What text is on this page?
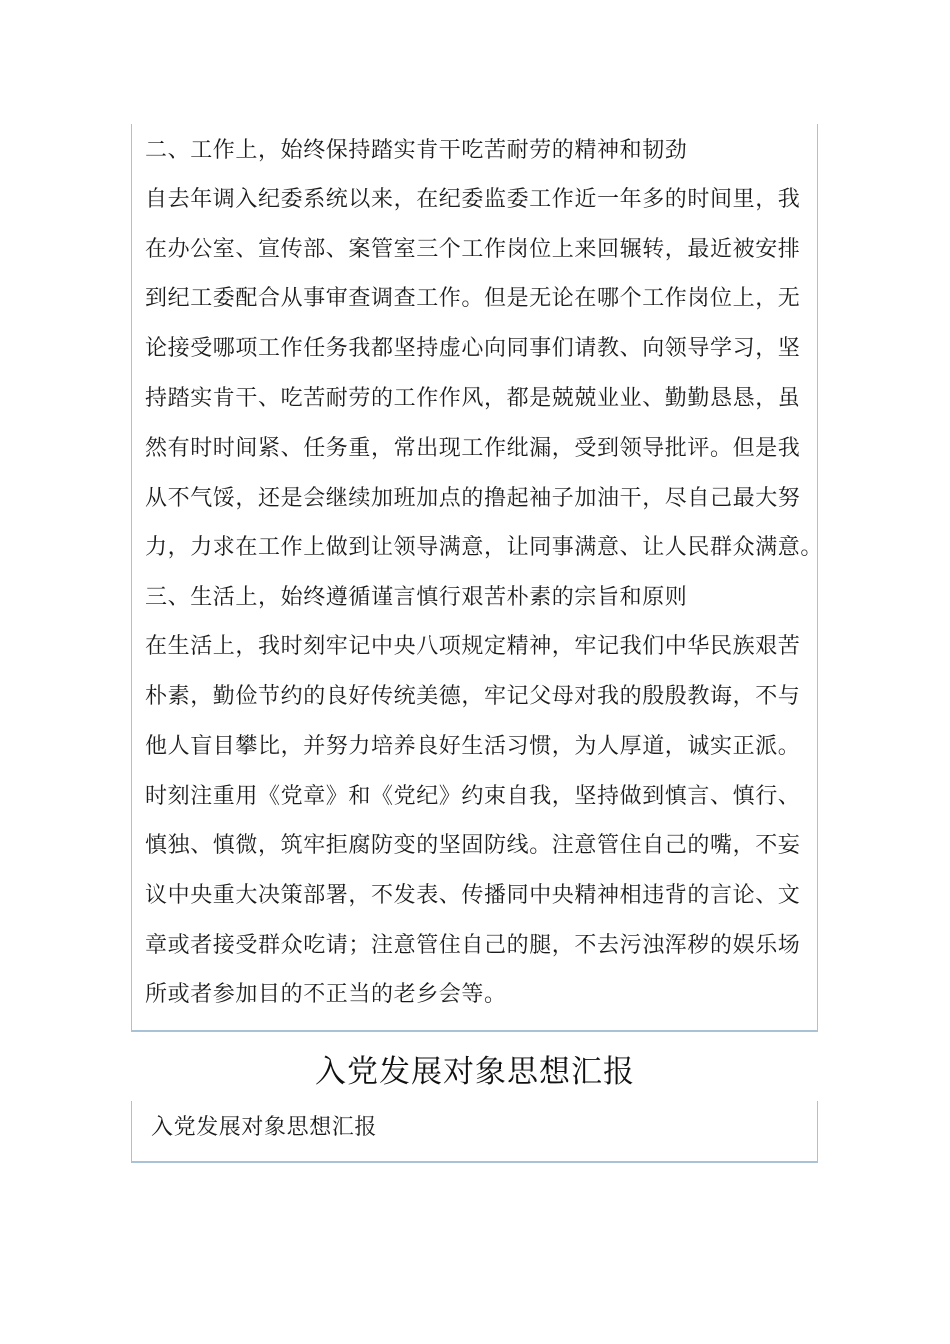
二、工作上，始终保持踏实肯干吃苦耐劳的精神和韧劲
自去年调入纪委系统以来，在纪委监委工作近一年多的时间里，我
在办公室、宣传部、案管室三个工作岗位上来回辗转，最近被安排
到纪工委配合从事审查调查工作。但是无论在哪个工作岗位上，无
论接受哪项工作任务我都坚持虚心向同事们请教、向领导学习，坚
持踏实肯干、吃苦耐劳的工作作风，都是兢兢业业、勤勤恳恳，虽
然有时时间紧、任务重，常出现工作纰漏，受到领导批评。但是我
从不气馁，还是会继续加班加点的撸起袖子加油干，尽自己最大努
力，力求在工作上做到让领导满意，让同事满意、让人民群众满意。
三、生活上，始终遵循谨言慎行艰苦朴素的宗旨和原则
在生活上，我时刻牢记中央八项规定精神，牢记我们中华民族艰苦
朴素，勤俭节约的良好传统美德，牢记父母对我的殷殷教诲，不与
他人盲目攀比，并努力培养良好生活习惯，为人厚道，诚实正派。
时刻注重用《党章》和《党纪》约束自我，坚持做到慎言、慎行、
慎独、慎微，筑牢拒腐防变的坚固防线。注意管住自己的嘴，不妄
议中央重大决策部署，不发表、传播同中央精神相违背的言论、文
章或者接受群众吃请；注意管住自己的腿，不去污浊浑秽的娱乐场
所或者参加目的不正当的老乡会等。
入党发展对象思想汇报
入党发展对象思想汇报
